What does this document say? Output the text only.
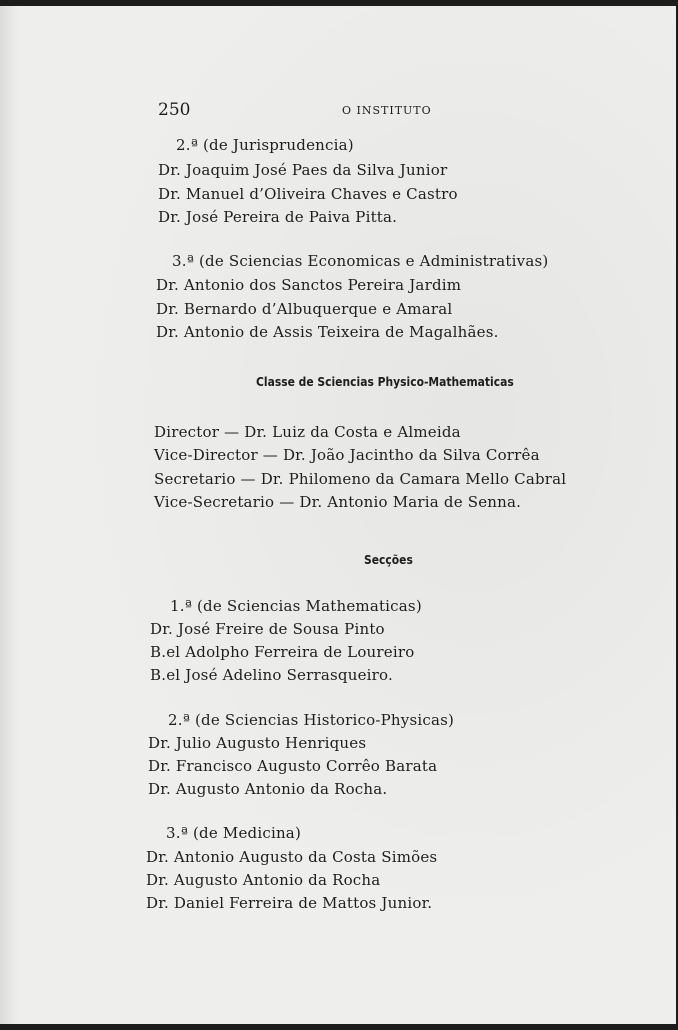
250	O INSTITUTO
2.ª (de Jurisprudencia)
Dr. Joaquim José Paes da Silva Junior
Dr. Manuel d’Oliveira Chaves e Castro
Dr. José Pereira de Paiva Pitta.
3.ª (de Sciencias Economicas e Administrativas)
Dr. Antonio dos Sanctos Pereira Jardim
Dr. Bernardo d’Albuquerque e Amaral
Dr. Antonio de Assis Teixeira de Magalhães.
Classe de Sciencias Physico-Mathematicas
Director — Dr. Luiz da Costa e Almeida
Vice-Director — Dr. João Jacintho da Silva Corrêa
Secretario — Dr. Philomeno da Camara Mello Cabral
Vice-Secretario — Dr. Antonio Maria de Senna.
Secções
1.ª (de Sciencias Mathematicas)
Dr. José Freire de Sousa Pinto
B.el Adolpho Ferreira de Loureiro
B.el José Adelino Serrasqueiro.
2.ª (de Sciencias Historico-Physicas)
Dr. Julio Augusto Henriques
Dr. Francisco Augusto Corrêo Barata
Dr. Augusto Antonio da Rocha.
3.ª (de Medicina)
Dr. Antonio Augusto da Costa Simões
Dr. Augusto Antonio da Rocha
Dr. Daniel Ferreira de Mattos Junior.
